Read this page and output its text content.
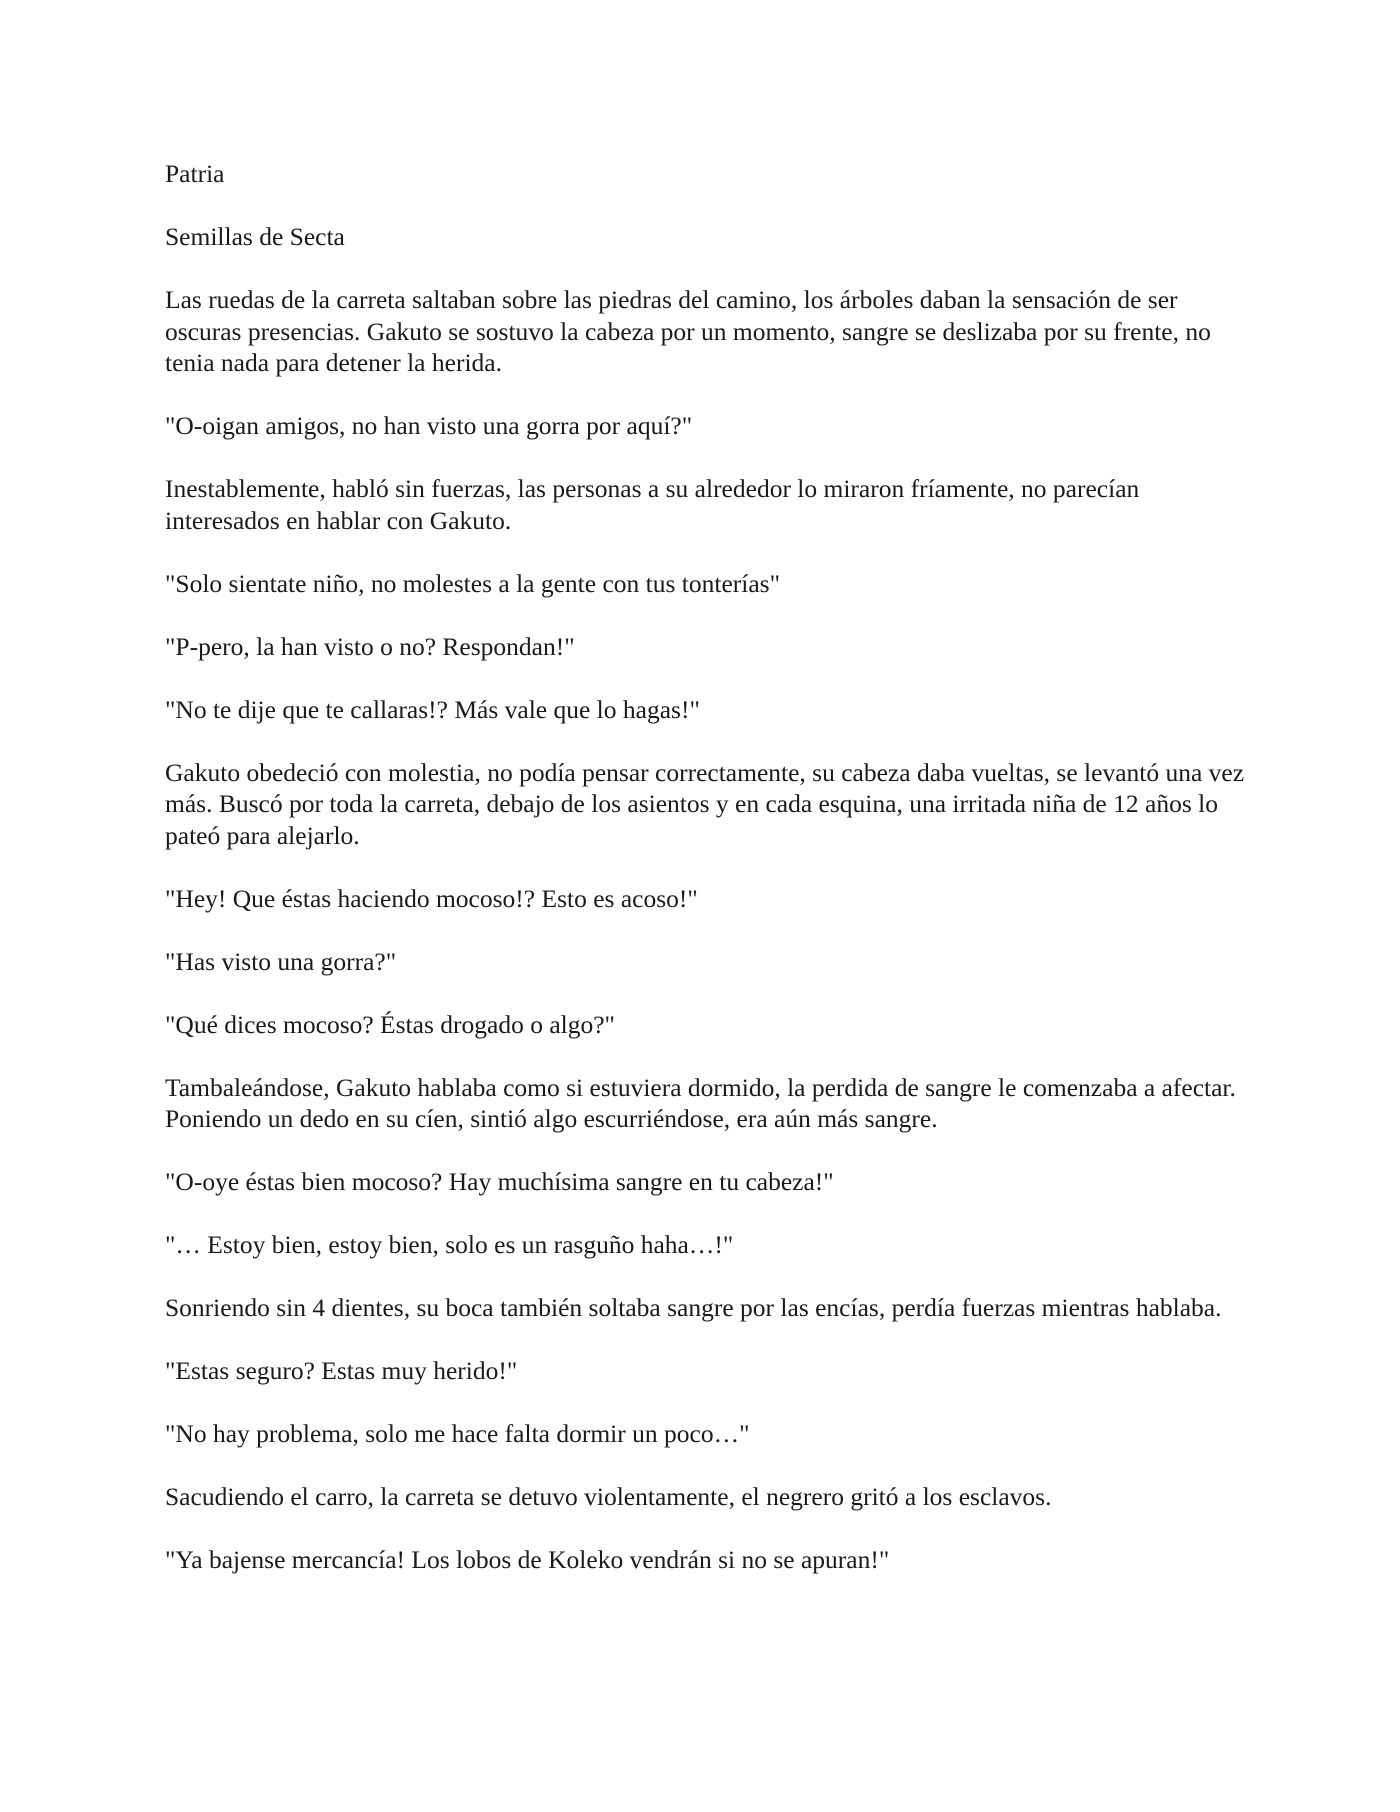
Patria

Semillas de Secta

Las ruedas de la carreta saltaban sobre las piedras del camino, los árboles daban la sensación de ser oscuras presencias. Gakuto se sostuvo la cabeza por un momento, sangre se deslizaba por su frente, no tenia nada para detener la herida.

"O-oigan amigos, no han visto una gorra por aquí?"

Inestablemente, habló sin fuerzas, las personas a su alrededor lo miraron fríamente, no parecían interesados en hablar con Gakuto.

"Solo sientate niño, no molestes a la gente con tus tonterías"

"P-pero, la han visto o no? Respondan!"

"No te dije que te callaras!? Más vale que lo hagas!"

Gakuto obedeció con molestia, no podía pensar correctamente, su cabeza daba vueltas, se levantó una vez más. Buscó por toda la carreta, debajo de los asientos y en cada esquina, una irritada niña de 12 años lo pateó para alejarlo.

"Hey! Que éstas haciendo mocoso!? Esto es acoso!"

"Has visto una gorra?"

"Qué dices mocoso? Éstas drogado o algo?"

Tambaleándose, Gakuto hablaba como si estuviera dormido, la perdida de sangre le comenzaba a afectar. Poniendo un dedo en su cíen, sintió algo escurriéndose, era aún más sangre.

"O-oye éstas bien mocoso? Hay muchísima sangre en tu cabeza!"

"… Estoy bien, estoy bien, solo es un rasguño haha…!"

Sonriendo sin 4 dientes, su boca también soltaba sangre por las encías, perdía fuerzas mientras hablaba.

"Estas seguro? Estas muy herido!"

"No hay problema, solo me hace falta dormir un poco…"

Sacudiendo el carro, la carreta se detuvo violentamente, el negrero gritó a los esclavos.

"Ya bajense mercancía! Los lobos de Koleko vendrán si no se apuran!"
